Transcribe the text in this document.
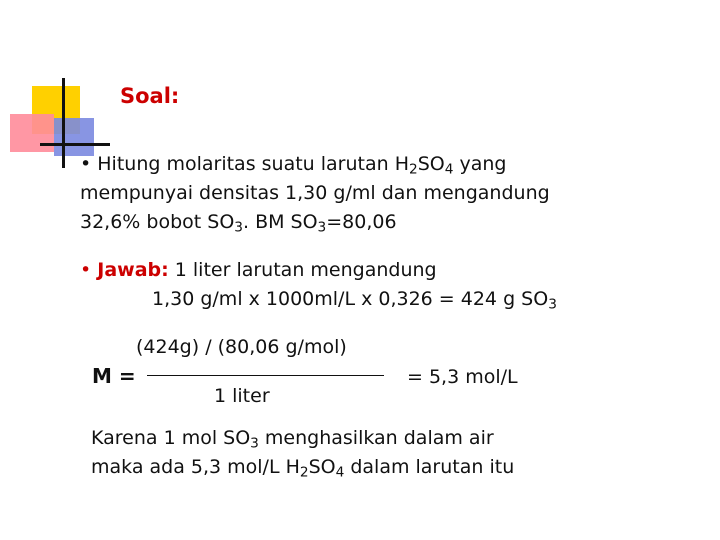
Soal:
• Hitung molaritas suatu larutan $H_2SO_4$ yang
mempunyai densitas 1,30 g/ml dan mengandung
32,6% bobot $SO_3$. BM $SO_3=80,06$
• Jawab: 1 liter larutan mengandung
1,30 g/ml x 1000ml/L x 0,326 = 424 g $SO_3$
M =
(424g) / (80,06 g/mol)
1 liter
= 5,3 mol/L
Karena 1 mol $SO_3$ menghasilkan dalam air
maka ada 5,3 mol/L $H_2SO_4$ dalam larutan itu
